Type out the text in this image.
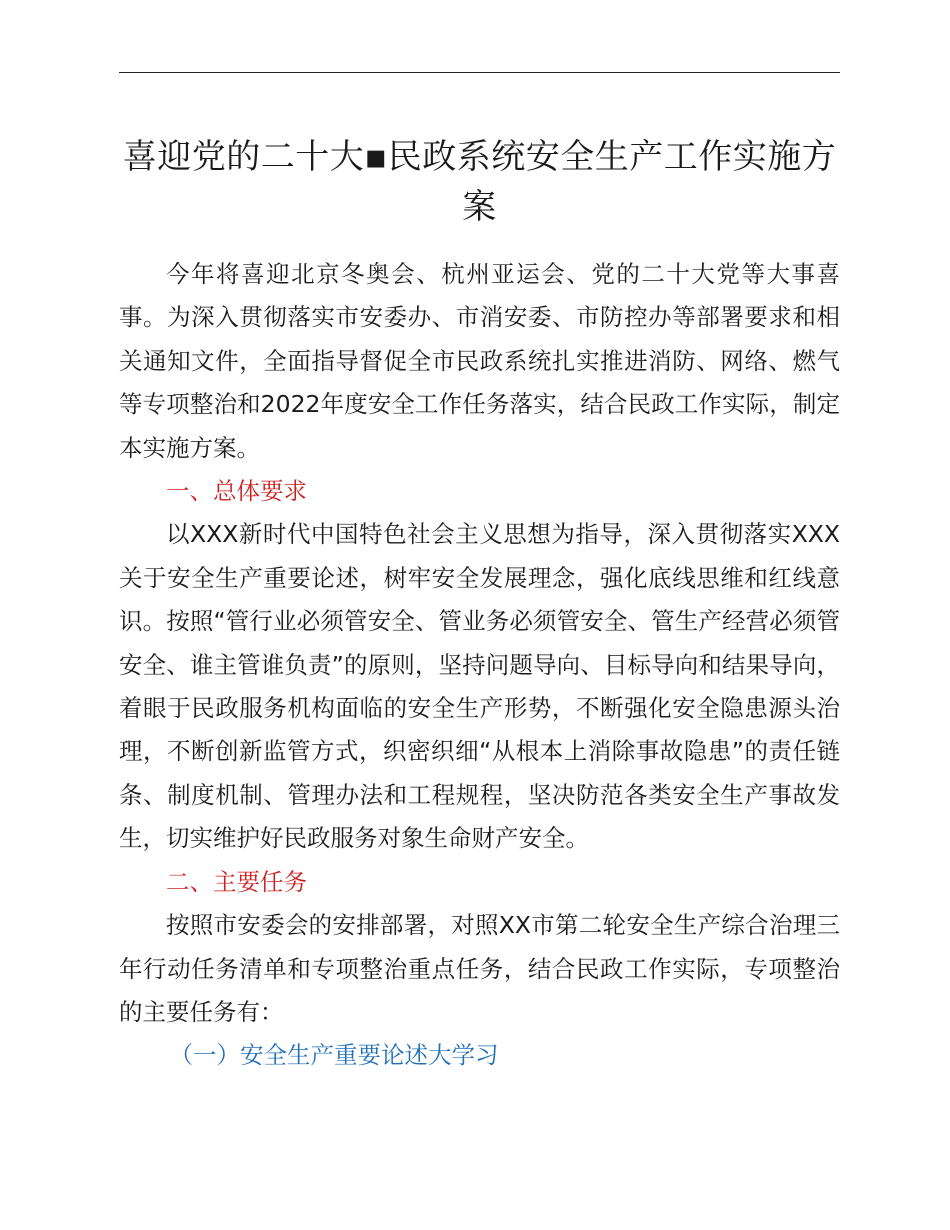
喜迎党的二十大▪民政系统安全生产工作实施方案

今年将喜迎北京冬奥会、杭州亚运会、党的二十大党等大事喜事。为深入贯彻落实市安委办、市消安委、市防控办等部署要求和相关通知文件，全面指导督促全市民政系统扎实推进消防、网络、燃气等专项整治和2022年度安全工作任务落实，结合民政工作实际，制定本实施方案。

一、总体要求

以XXX新时代中国特色社会主义思想为指导，深入贯彻落实XXX关于安全生产重要论述，树牢安全发展理念，强化底线思维和红线意识。按照“管行业必须管安全、管业务必须管安全、管生产经营必须管安全、谁主管谁负责”的原则，坚持问题导向、目标导向和结果导向，着眼于民政服务机构面临的安全生产形势，不断强化安全隐患源头治理，不断创新监管方式，织密织细“从根本上消除事故隐患”的责任链条、制度机制、管理办法和工程规程，坚决防范各类安全生产事故发生，切实维护好民政服务对象生命财产安全。

二、主要任务

按照市安委会的安排部署，对照XX市第二轮安全生产综合治理三年行动任务清单和专项整治重点任务，结合民政工作实际，专项整治的主要任务有：

（一）安全生产重要论述大学习
